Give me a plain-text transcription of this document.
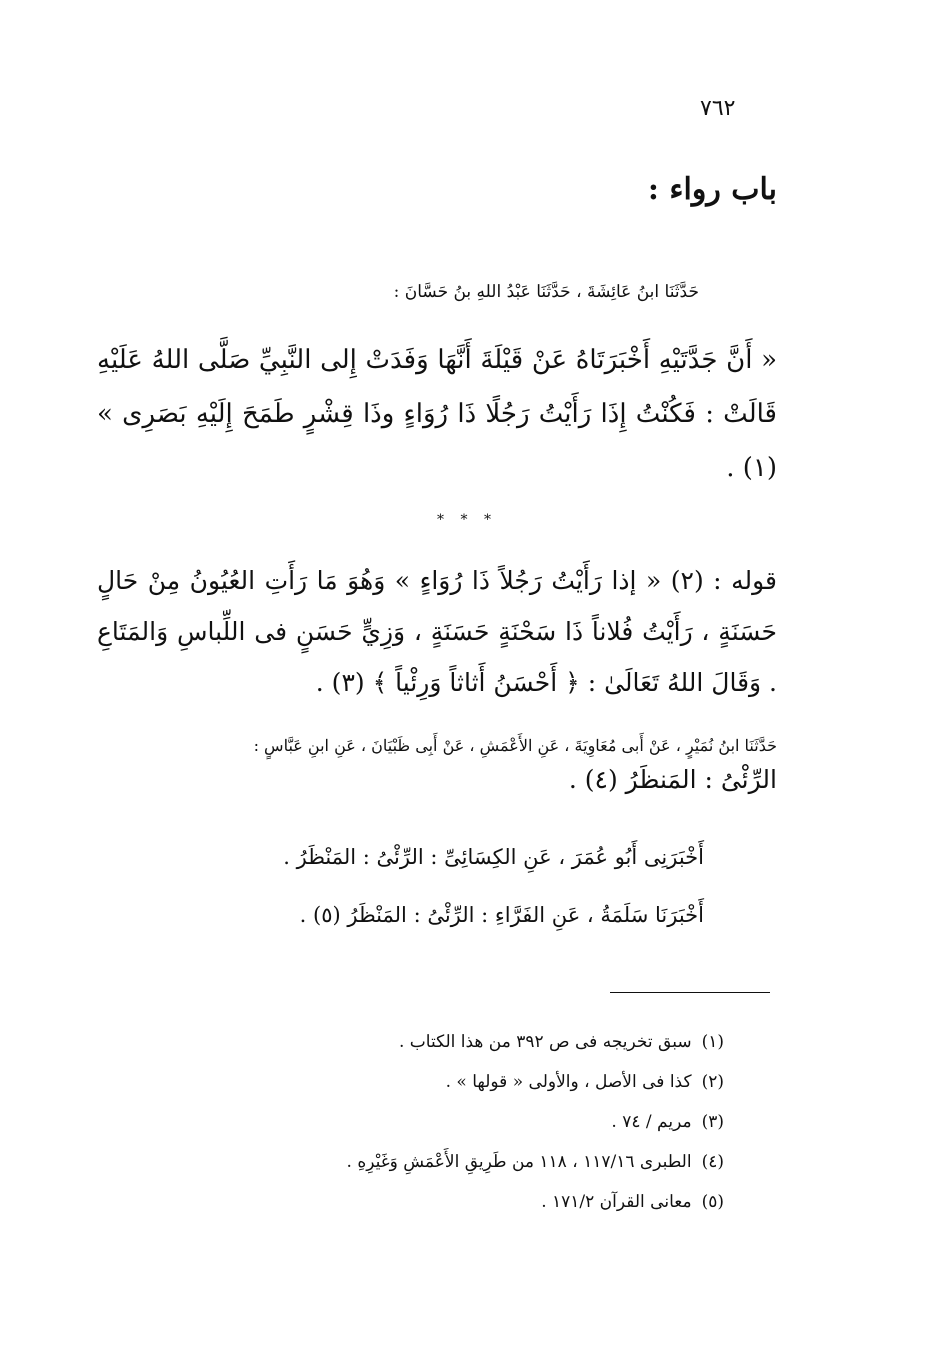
٧٦٢
باب رواء :
حَدَّثَنَا ابنُ عَائِشَةَ ، حَدَّثَنَا عَبْدُ اللهِ بنُ حَسَّانَ :
« أَنَّ جَدَّتَيْهِ أَخْبَرَتَاهُ عَنْ قَيْلَةَ أَنَّهَا وَفَدَتْ إِلى النَّبِيِّ صَلَّى اللهُ عَلَيْهِ قَالَتْ : فَكُنْتُ إِذَا رَأَيْتُ رَجُلًا ذَا رُوَاءٍ وذَا قِشْرٍ طَمَحَ إِلَيْهِ بَصَرِى » (١) .
* * *
قوله : (٢) « إذا رَأَيْتُ رَجُلاً ذَا رُوَاءٍ » وَهُوَ مَا رَأَتِ العُيُونُ مِنْ حَالٍ حَسَنَةٍ ، رَأَيْتُ فُلاناً ذَا سَحْنَةٍ حَسَنَةٍ ، وَزِيٍّ حَسَنٍ فى اللِّباسِ وَالمَتَاعِ . وَقَالَ اللهُ تَعَالَىٰ : ﴿ أَحْسَنُ أَثاثاً وَرِئْياً ﴾ (٣) .
حَدَّثَنَا ابنُ نُمَيْرٍ ، عَنْ أَبى مُعَاوِيَةَ ، عَنِ الأَعْمَشِ ، عَنْ أَبِى ظَبْيَانَ ، عَنِ ابنِ عَبَّاسٍ :
الرِّئْىُ : المَنظَرُ (٤) .
أَخْبَرَنِى أَبُو عُمَرَ ، عَنِ الكِسَائِىِّ : الرِّئْىُ : المَنْظَرُ .
أَخْبَرَنَا سَلَمَةُ ، عَنِ الفَرَّاءِ : الرِّئْىُ : المَنْظَرُ (٥) .
(١)سبق تخريجه فى ص ٣٩٢ من هذا الكتاب .
(٢)كذا فى الأصل ، والأولى « قولها » .
(٣)مريم / ٧٤ .
(٤)الطبرى ١١٧/١٦ ، ١١٨ من طَرِيقِ الأَعْمَشِ وَغَيْرِهِ .
(٥)معانى القرآن ١٧١/٢ .
